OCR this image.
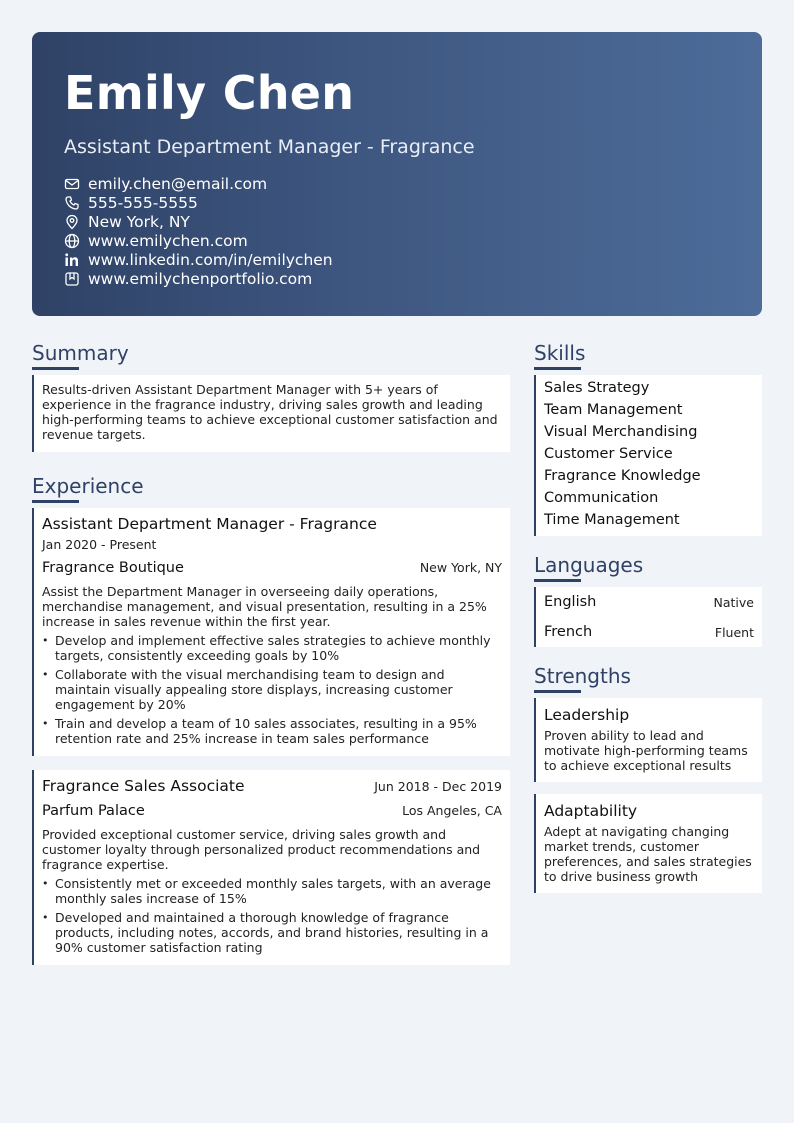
Emily Chen
Assistant Department Manager - Fragrance
emily.chen@email.com
555-555-5555
New York, NY
www.emilychen.com
www.linkedin.com/in/emilychen
www.emilychenportfolio.com
Summary
Results-driven Assistant Department Manager with 5+ years of experience in the fragrance industry, driving sales growth and leading high-performing teams to achieve exceptional customer satisfaction and revenue targets.
Experience
Assistant Department Manager - Fragrance
Jan 2020 - Present
Fragrance Boutique	New York, NY
Assist the Department Manager in overseeing daily operations, merchandise management, and visual presentation, resulting in a 25% increase in sales revenue within the first year.
• Develop and implement effective sales strategies to achieve monthly targets, consistently exceeding goals by 10%
• Collaborate with the visual merchandising team to design and maintain visually appealing store displays, increasing customer engagement by 20%
• Train and develop a team of 10 sales associates, resulting in a 95% retention rate and 25% increase in team sales performance
Fragrance Sales Associate	Jun 2018 - Dec 2019
Parfum Palace	Los Angeles, CA
Provided exceptional customer service, driving sales growth and customer loyalty through personalized product recommendations and fragrance expertise.
• Consistently met or exceeded monthly sales targets, with an average monthly sales increase of 15%
• Developed and maintained a thorough knowledge of fragrance products, including notes, accords, and brand histories, resulting in a 90% customer satisfaction rating
Skills
Sales Strategy
Team Management
Visual Merchandising
Customer Service
Fragrance Knowledge
Communication
Time Management
Languages
English	Native
French	Fluent
Strengths
Leadership
Proven ability to lead and motivate high-performing teams to achieve exceptional results
Adaptability
Adept at navigating changing market trends, customer preferences, and sales strategies to drive business growth
